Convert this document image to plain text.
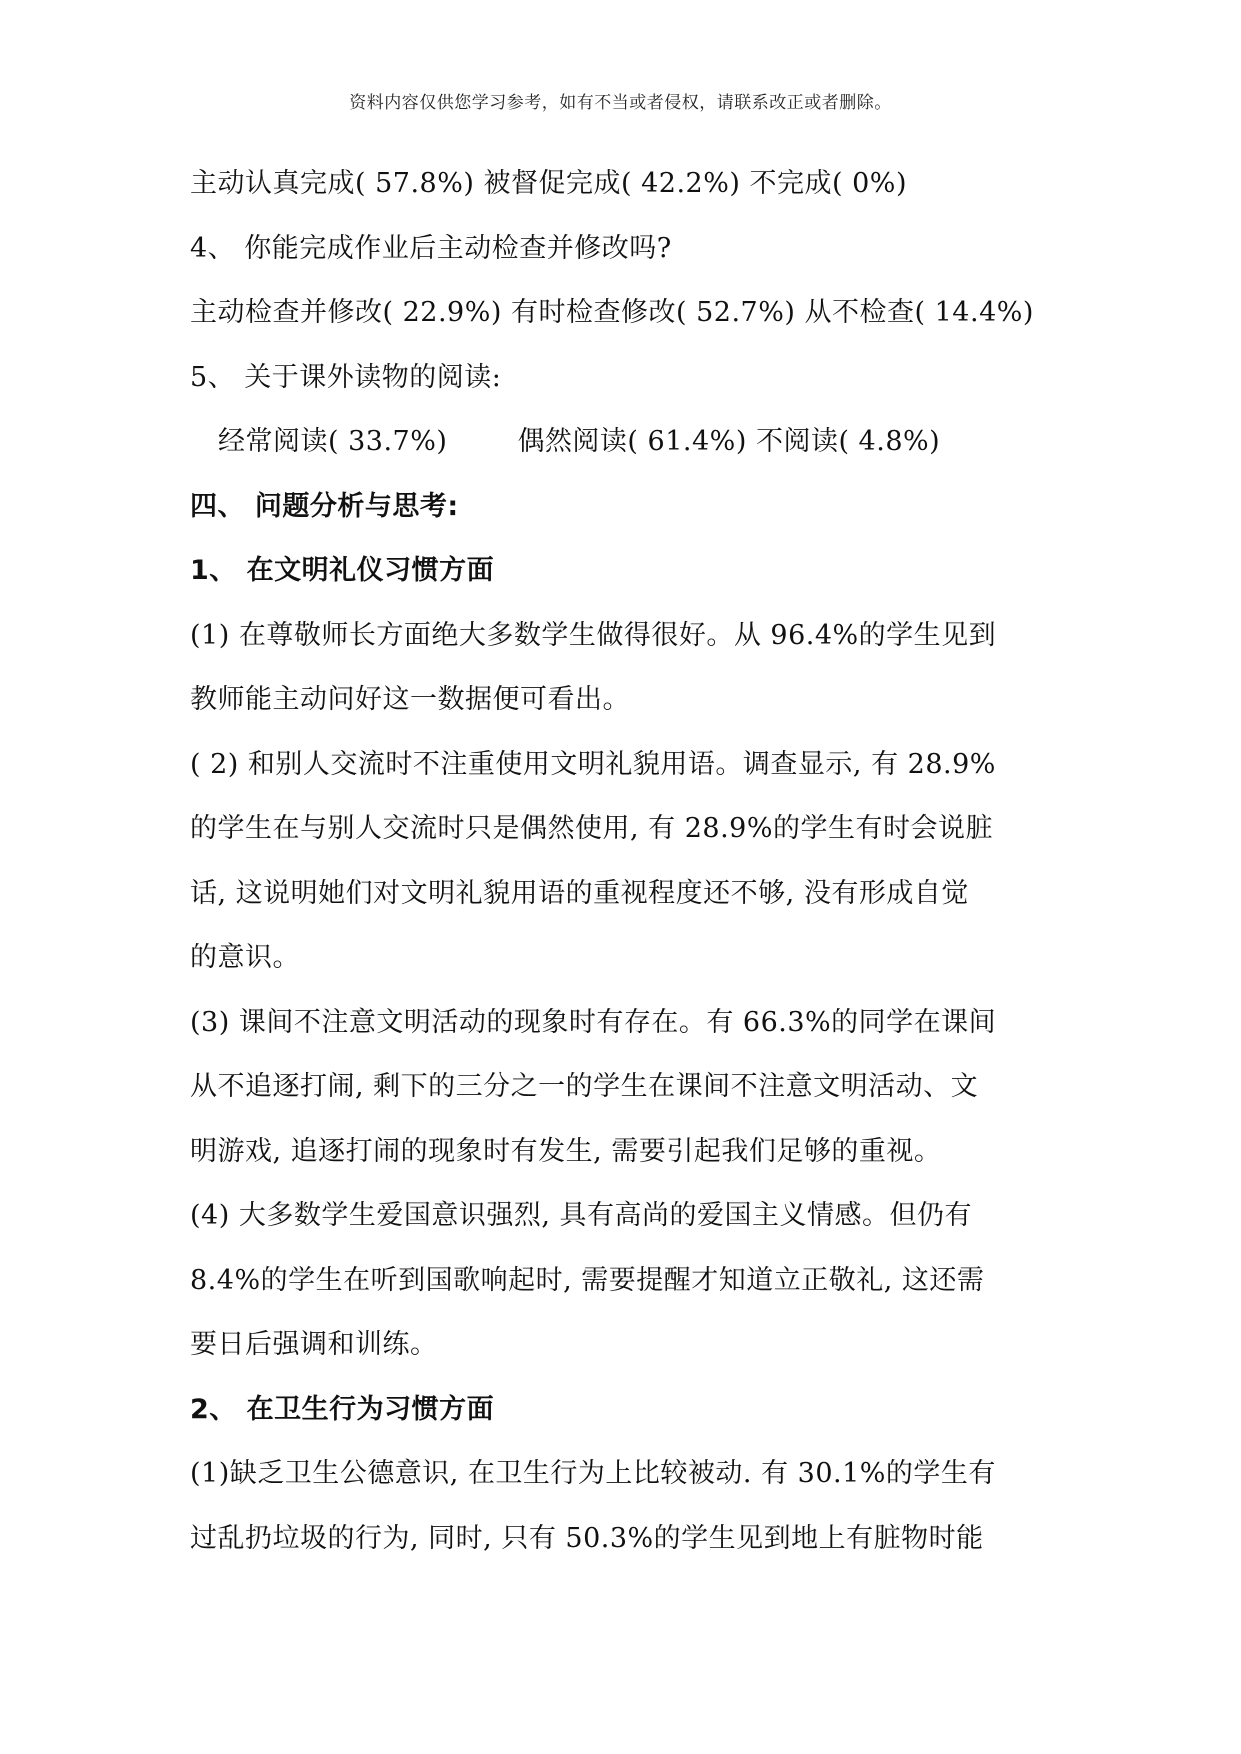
资料内容仅供您学习参考，如有不当或者侵权，请联系改正或者删除。
主动认真完成( 57.8%) 被督促完成( 42.2%) 不完成( 0%)
4、 你能完成作业后主动检查并修改吗?
主动检查并修改( 22.9%) 有时检查修改( 52.7%) 从不检查( 14.4%)
5、 关于课外读物的阅读:
经常阅读( 33.7%)	偶然阅读( 61.4%) 不阅读( 4.8%)
四、 问题分析与思考:
1、 在文明礼仪习惯方面
(1) 在尊敬师长方面绝大多数学生做得很好。从 96.4%的学生见到
教师能主动问好这一数据便可看出。
( 2) 和别人交流时不注重使用文明礼貌用语。调查显示, 有 28.9%
的学生在与别人交流时只是偶然使用, 有 28.9%的学生有时会说脏
话, 这说明她们对文明礼貌用语的重视程度还不够, 没有形成自觉
的意识。
(3) 课间不注意文明活动的现象时有存在。有 66.3%的同学在课间
从不追逐打闹, 剩下的三分之一的学生在课间不注意文明活动、文
明游戏, 追逐打闹的现象时有发生, 需要引起我们足够的重视。
(4) 大多数学生爱国意识强烈, 具有高尚的爱国主义情感。但仍有
8.4%的学生在听到国歌响起时, 需要提醒才知道立正敬礼, 这还需
要日后强调和训练。
2、 在卫生行为习惯方面
(1)缺乏卫生公德意识, 在卫生行为上比较被动. 有 30.1%的学生有
过乱扔垃圾的行为, 同时, 只有 50.3%的学生见到地上有脏物时能
